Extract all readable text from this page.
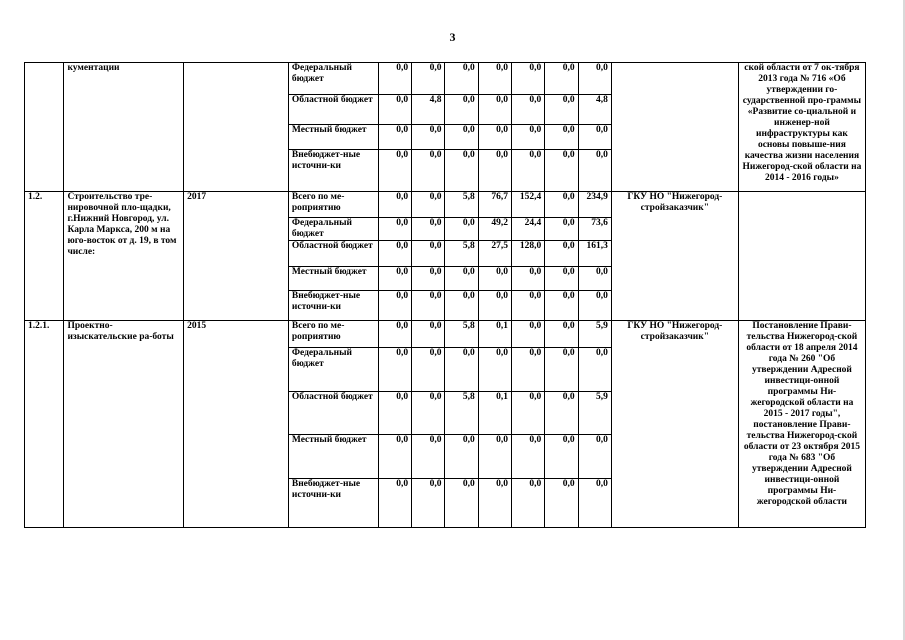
3
	кументации		Федеральный бюджет	0,0	0,0	0,0	0,0	0,0	0,0	0,0		ской области от 7 ок-тября 2013 года № 716 «Об утверждении го-сударственной про-граммы «Развитие со-циальной и инженер-ной инфраструктуры как основы повыше-ния качества жизни населения Нижегород-ской области на 2014 - 2016 годы»
			Областной бюджет	0,0	4,8	0,0	0,0	0,0	0,0	4,8		
			Местный бюджет	0,0	0,0	0,0	0,0	0,0	0,0	0,0		
			Внебюджет-ные источни-ки	0,0	0,0	0,0	0,0	0,0	0,0	0,0		
1.2.	Строительство тре-нировочной пло-щадки, г.Нижний Новгород, ул. Карла Маркса, 200 м на юго-восток от д. 19, в том числе:	2017	Всего по ме-роприятию	0,0	0,0	5,8	76,7	152,4	0,0	234,9	ГКУ НО "Нижегород-стройзаказчик"	
			Федеральный бюджет	0,0	0,0	0,0	49,2	24,4	0,0	73,6		
			Областной бюджет	0,0	0,0	5,8	27,5	128,0	0,0	161,3		
			Местный бюджет	0,0	0,0	0,0	0,0	0,0	0,0	0,0		
			Внебюджет-ные источни-ки	0,0	0,0	0,0	0,0	0,0	0,0	0,0		
1.2.1.	Проектно-изыскательские ра-боты	2015	Всего по ме-роприятию	0,0	0,0	5,8	0,1	0,0	0,0	5,9	ГКУ НО "Нижегород-стройзаказчик"	Постановление Прави-тельства Нижегород-ской области от 18 апреля 2014 года № 260 "Об утверждении Адресной инвестици-онной программы Ни-жегородской области на 2015 - 2017 годы", постановление Прави-тельства Нижегород-ской области от 23 октября 2015 года № 683 "Об утверждении Адресной инвестици-онной программы Ни-жегородской области
			Федеральный бюджет	0,0	0,0	0,0	0,0	0,0	0,0	0,0		
			Областной бюджет	0,0	0,0	5,8	0,1	0,0	0,0	5,9		
			Местный бюджет	0,0	0,0	0,0	0,0	0,0	0,0	0,0		
			Внебюджет-ные источни-ки	0,0	0,0	0,0	0,0	0,0	0,0	0,0		
